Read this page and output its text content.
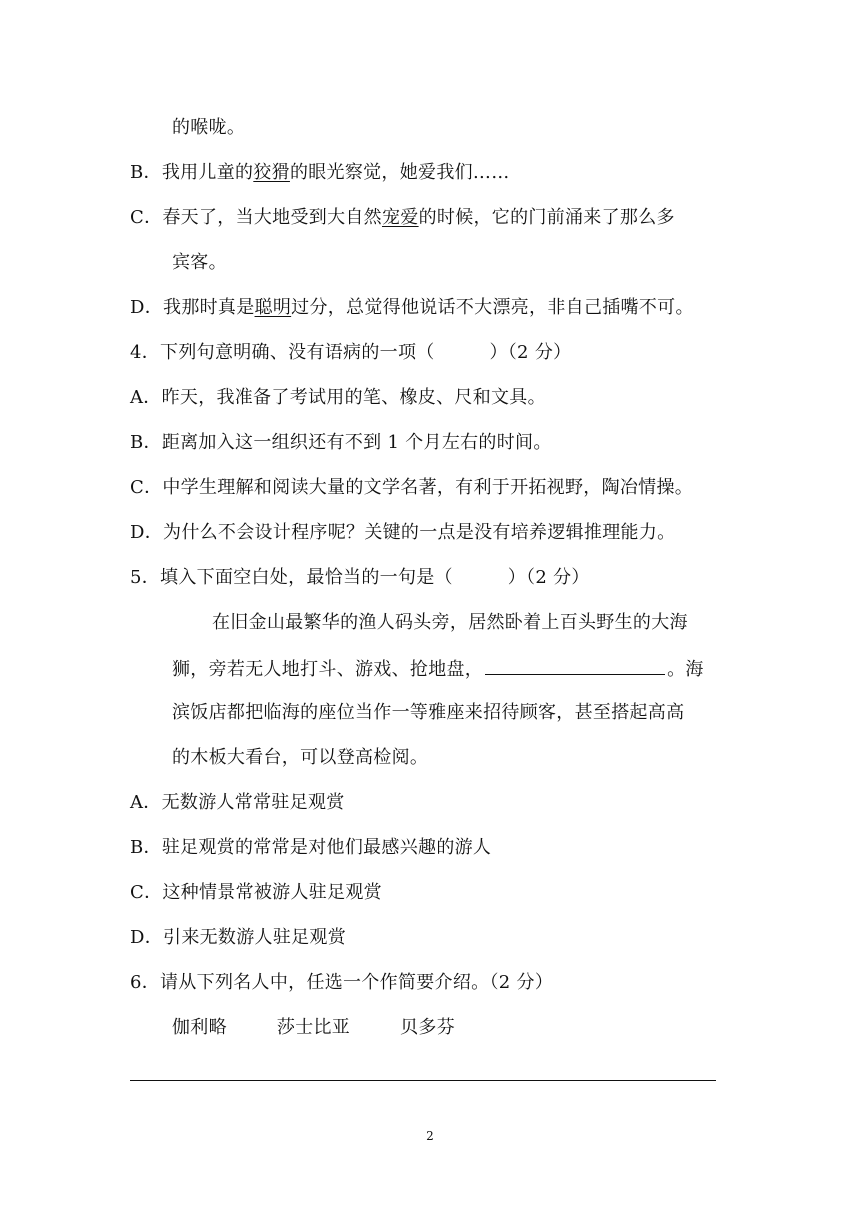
的喉咙。
B．我用儿童的狡猾的眼光察觉，她爱我们……
C．春天了，当大地受到大自然宠爱的时候，它的门前涌来了那么多
宾客。
D．我那时真是聪明过分，总觉得他说话不大漂亮，非自己插嘴不可。
4．下列句意明确、没有语病的一项（　　　）（2 分）
A．昨天，我准备了考试用的笔、橡皮、尺和文具。
B．距离加入这一组织还有不到 1 个月左右的时间。
C．中学生理解和阅读大量的文学名著，有利于开拓视野，陶冶情操。
D．为什么不会设计程序呢？关键的一点是没有培养逻辑推理能力。
5．填入下面空白处，最恰当的一句是（　　　）（2 分）
在旧金山最繁华的渔人码头旁，居然卧着上百头野生的大海
狮，旁若无人地打斗、游戏、抢地盘，	。海
滨饭店都把临海的座位当作一等雅座来招待顾客，甚至搭起高高
的木板大看台，可以登高检阅。
A．无数游人常常驻足观赏
B．驻足观赏的常常是对他们最感兴趣的游人
C．这种情景常被游人驻足观赏
D．引来无数游人驻足观赏
6．请从下列名人中，任选一个作简要介绍。（2 分）
伽利略	莎士比亚	贝多芬
2
